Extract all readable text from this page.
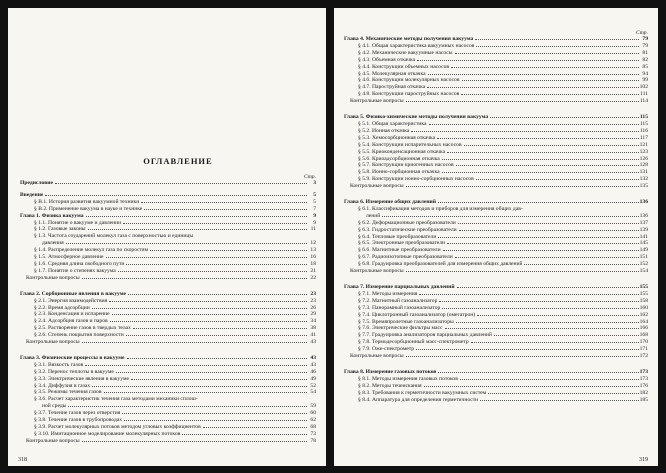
ОГЛАВЛЕНИЕ
Стр.
Предисловие	3
Введение	5
§ В.1. История развития вакуумной техники	5
§ В.2. Применение вакуума в науке и технике	7
Глава 1. Физика вакуума	9
§ 1.1. Понятие о вакууме и давлении	9
§ 1.2. Газовые законы	11
§ 1.3. Частота соударений молекул газа с поверхностью и единицы
давления	12
§ 1.4. Распределение молекул газа по скоростям	13
§ 1.5. Атмосферное давление	16
§ 1.6. Средняя длина свободного пути	18
§ 1.7. Понятие о степенях вакуума	21
Контрольные вопросы	22
Глава 2. Сорбционные явления в вакууме	23
§ 2.1. Энергия взаимодействия	23
§ 2.2. Время адсорбции	26
§ 2.3. Конденсация и испарение	29
§ 2.4. Адсорбция газов и паров	34
§ 2.5. Растворение газов в твердых телах	38
§ 2.6. Степень покрытия поверхности	41
Контрольные вопросы	43
Глава 3. Физические процессы в вакууме	43
§ 3.1. Вязкость газов	43
§ 3.2. Перенос теплоты в вакууме	46
§ 3.3. Электрические явления в вакууме	49
§ 3.4. Диффузия в газах	52
§ 3.5. Режимы течения газов	54
§ 3.6. Расчет характеристик течения газа методами механики сплош-
ной среды	59
§ 3.7. Течение газов через отверстия	60
§ 3.8. Течение газов в трубопроводах	62
§ 3.9. Расчет молекулярных потоков методом угловых коэффициентов	68
§ 3.10. Имитационное моделирование молекулярных потоков	73
Контрольные вопросы	78
318
Стр.
Глава 4. Механические методы получения вакуума	79
§ 4.1. Общая характеристика вакуумных насосов	79
§ 4.2. Механические вакуумные насосы	81
§ 4.3. Объемная откачка	82
§ 4.4. Конструкции объемных насосов	85
§ 4.5. Молекулярная откачка	94
§ 4.6. Конструкции молекулярных насосов	99
§ 4.7. Пароструйная откачка	102
§ 4.8. Конструкции пароструйных насосов	111
Контрольные вопросы	114
Глава 5. Физико-химические методы получения вакуума	115
§ 5.1. Общая характеристика	115
§ 5.2. Ионная откачка	116
§ 5.3. Хемосорбционная откачка	117
§ 5.4. Конструкции испарительных насосов	121
§ 5.5. Криоконденсационная откачка	123
§ 5.6. Криоадсорбционная откачка	126
§ 5.7. Конструкции криогенных насосов	128
§ 5.8. Ионно-сорбционная откачка	131
§ 5.9. Конструкции ионно-сорбционных насосов	132
Контрольные вопросы	135
Глава 6. Измерение общих давлений	136
§ 6.1. Классификация методов и приборов для измерения общих дав-
лений	136
§ 6.2. Деформационные преобразователи	137
§ 6.3. Гидростатические преобразователи	139
§ 6.4. Тепловые преобразователи	141
§ 6.5. Электронные преобразователи	145
§ 6.6. Магнитные преобразователи	149
§ 6.7. Радиоизотопные преобразователи	151
§ 6.8. Градуировка преобразователей для измерения общих давлений	152
Контрольные вопросы	154
Глава 7. Измерение парциальных давлений	155
§ 7.1. Методы измерения	155
§ 7.2. Магнитный газоанализатор	158
§ 7.3. Панорамный газоанализатор	160
§ 7.4. Циклотронный газоанализатор (омегатрон)	162
§ 7.5. Времяпролетные газоанализаторы	164
§ 7.6. Электрические фильтры масс	166
§ 7.7. Градуировка анализаторов парциальных давлений	168
§ 7.8. Термодесорбционный масс-спектрометр	170
§ 7.9. Оже-спектрометр	171
Контрольные вопросы	172
Глава 8. Измерение газовых потоков	173
§ 8.1. Методы измерения газовых потоков	173
§ 8.2. Методы течеискания	176
§ 8.3. Требования к герметичности вакуумных систем	182
§ 8.4. Аппаратура для определения герметичности	185
319
